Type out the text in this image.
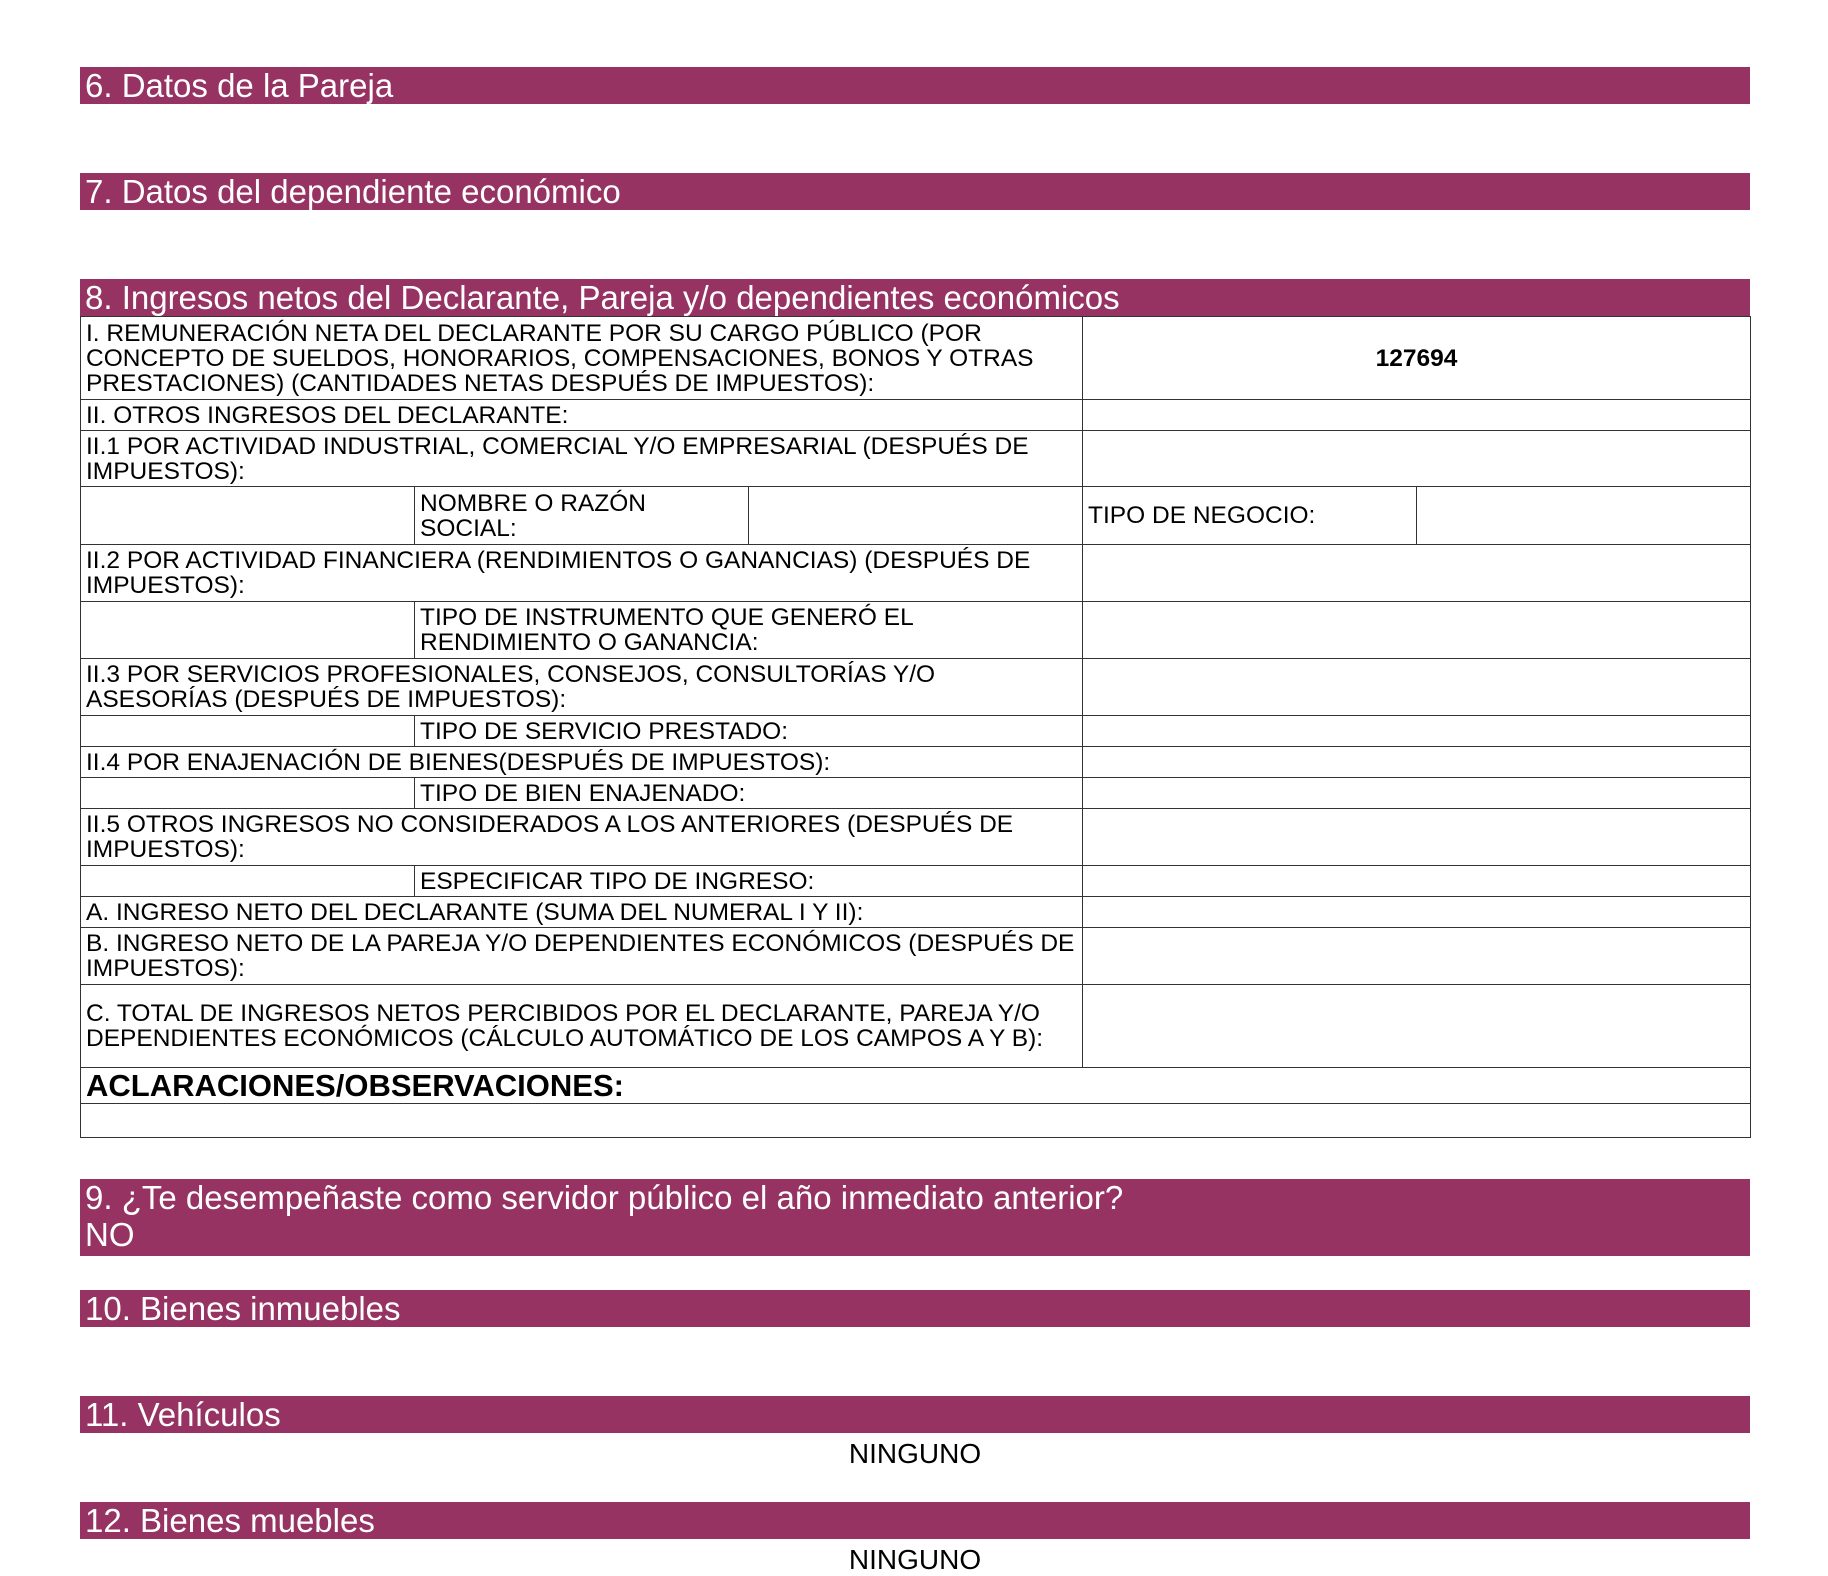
6. Datos de la Pareja
7. Datos del dependiente económico
8. Ingresos netos del Declarante, Pareja y/o dependientes económicos
I. REMUNERACIÓN NETA DEL DECLARANTE POR SU CARGO PÚBLICO (POR CONCEPTO DE SUELDOS, HONORARIOS, COMPENSACIONES, BONOS Y OTRAS PRESTACIONES) (CANTIDADES NETAS DESPUÉS DE IMPUESTOS):			127694	
II. OTROS INGRESOS DEL DECLARANTE:				
II.1 POR ACTIVIDAD INDUSTRIAL, COMERCIAL Y/O EMPRESARIAL (DESPUÉS DE IMPUESTOS):				
	NOMBRE O RAZÓN SOCIAL:		TIPO DE NEGOCIO:	
II.2 POR ACTIVIDAD FINANCIERA (RENDIMIENTOS O GANANCIAS) (DESPUÉS DE IMPUESTOS):				
	TIPO DE INSTRUMENTO QUE GENERÓ EL RENDIMIENTO O GANANCIA:			
II.3 POR SERVICIOS PROFESIONALES, CONSEJOS, CONSULTORÍAS Y/O ASESORÍAS (DESPUÉS DE IMPUESTOS):				
	TIPO DE SERVICIO PRESTADO:			
II.4 POR ENAJENACIÓN DE BIENES(DESPUÉS DE IMPUESTOS):				
	TIPO DE BIEN ENAJENADO:			
II.5 OTROS INGRESOS NO CONSIDERADOS A LOS ANTERIORES (DESPUÉS DE IMPUESTOS):				
	ESPECIFICAR TIPO DE INGRESO:			
A. INGRESO NETO DEL DECLARANTE (SUMA DEL NUMERAL I Y II):				
B. INGRESO NETO DE LA PAREJA Y/O DEPENDIENTES ECONÓMICOS (DESPUÉS DE IMPUESTOS):				
C. TOTAL DE INGRESOS NETOS PERCIBIDOS POR EL DECLARANTE, PAREJA Y/O DEPENDIENTES ECONÓMICOS (CÁLCULO AUTOMÁTICO DE LOS CAMPOS A Y B):				
ACLARACIONES/OBSERVACIONES:				

9. ¿Te desempeñaste como servidor público el año inmediato anterior?
NO
10. Bienes inmuebles
11. Vehículos
NINGUNO
12. Bienes muebles
NINGUNO
